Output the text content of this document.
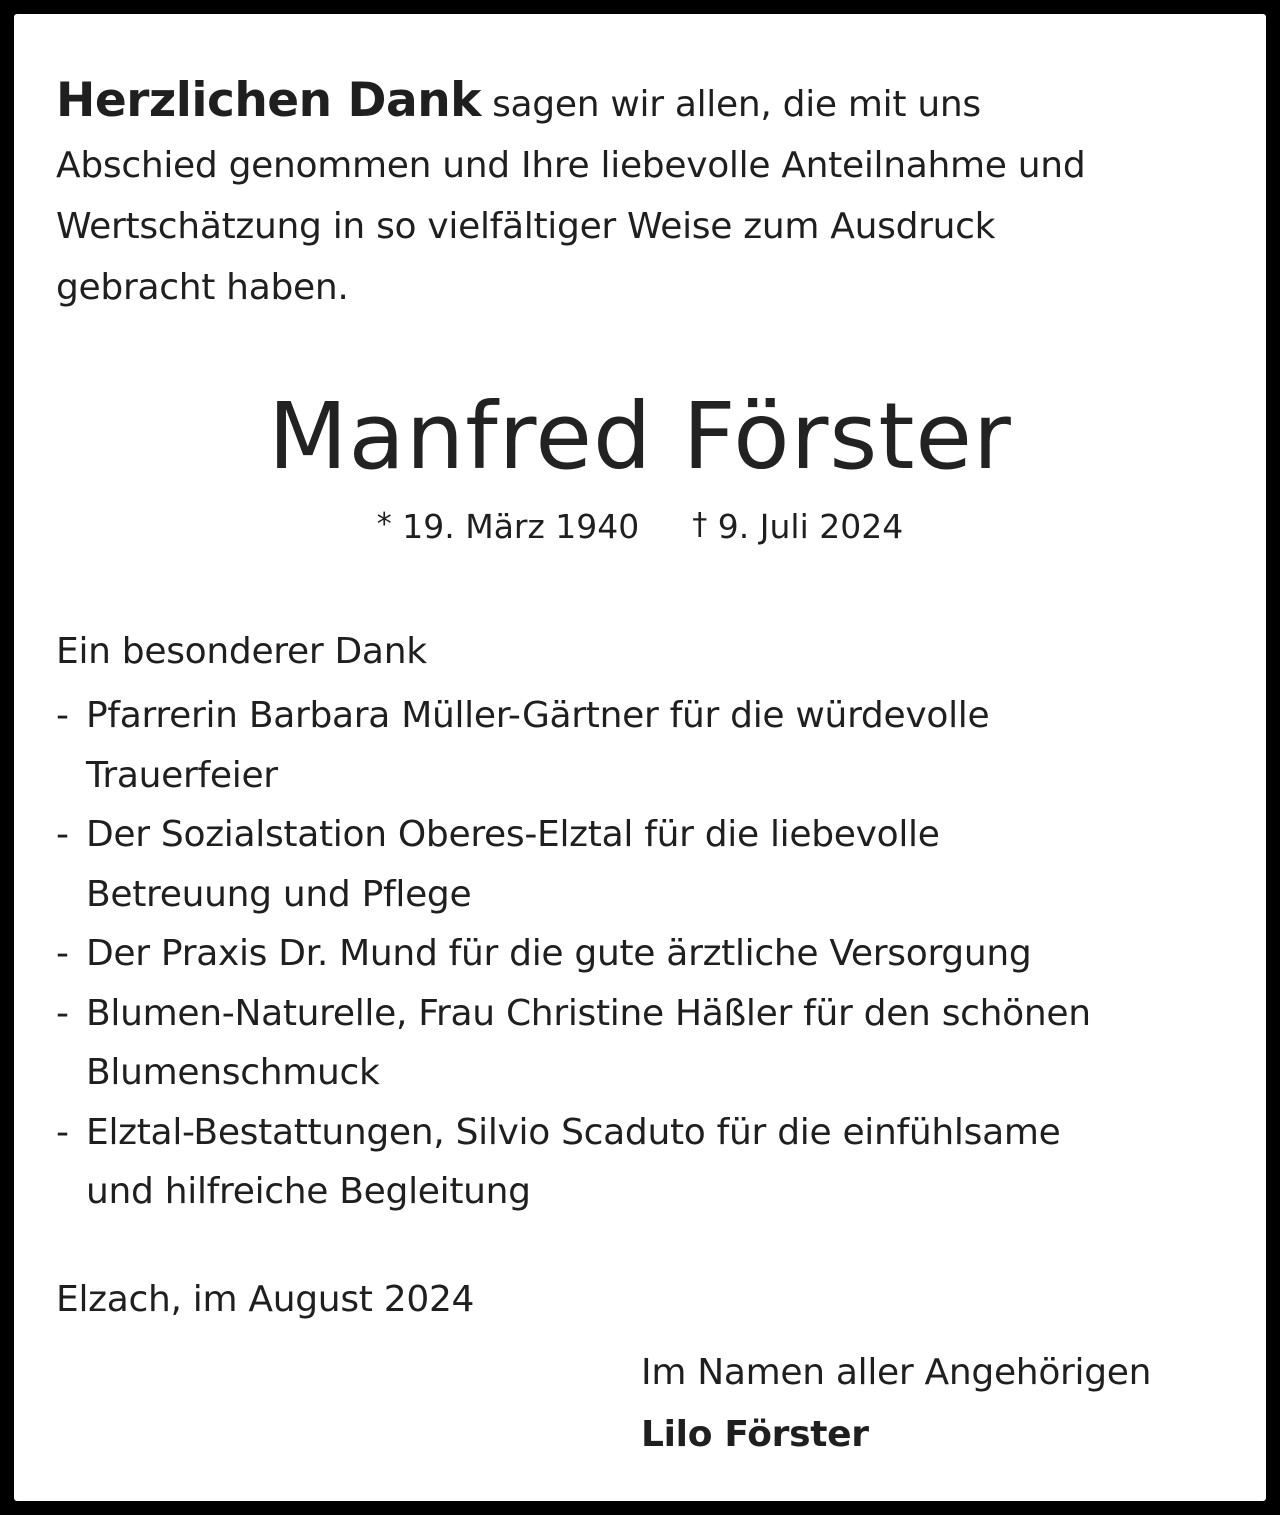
Herzlichen Dank sagen wir allen, die mit uns

Abschied genommen und Ihre liebevolle Anteilnahme und

Wertschätzung in so vielfältiger Weise zum Ausdruck

gebracht haben.

Manfred Förster
* 19. März 1940 † 9. Juli 2024
Ein besonderer Dank
- Pfarrerin Barbara Müller-Gärtner für die würdevolle
Trauerfeier
- Der Sozialstation Oberes-Elztal für die liebevolle
Betreuung und Pflege
- Der Praxis Dr. Mund für die gute ärztliche Versorgung
- Blumen-Naturelle, Frau Christine Häßler für den schönen
Blumenschmuck
- Elztal-Bestattungen, Silvio Scaduto für die einfühlsame
und hilfreiche Begleitung
Elzach, im August 2024
Im Namen aller Angehörigen
Lilo Förster
